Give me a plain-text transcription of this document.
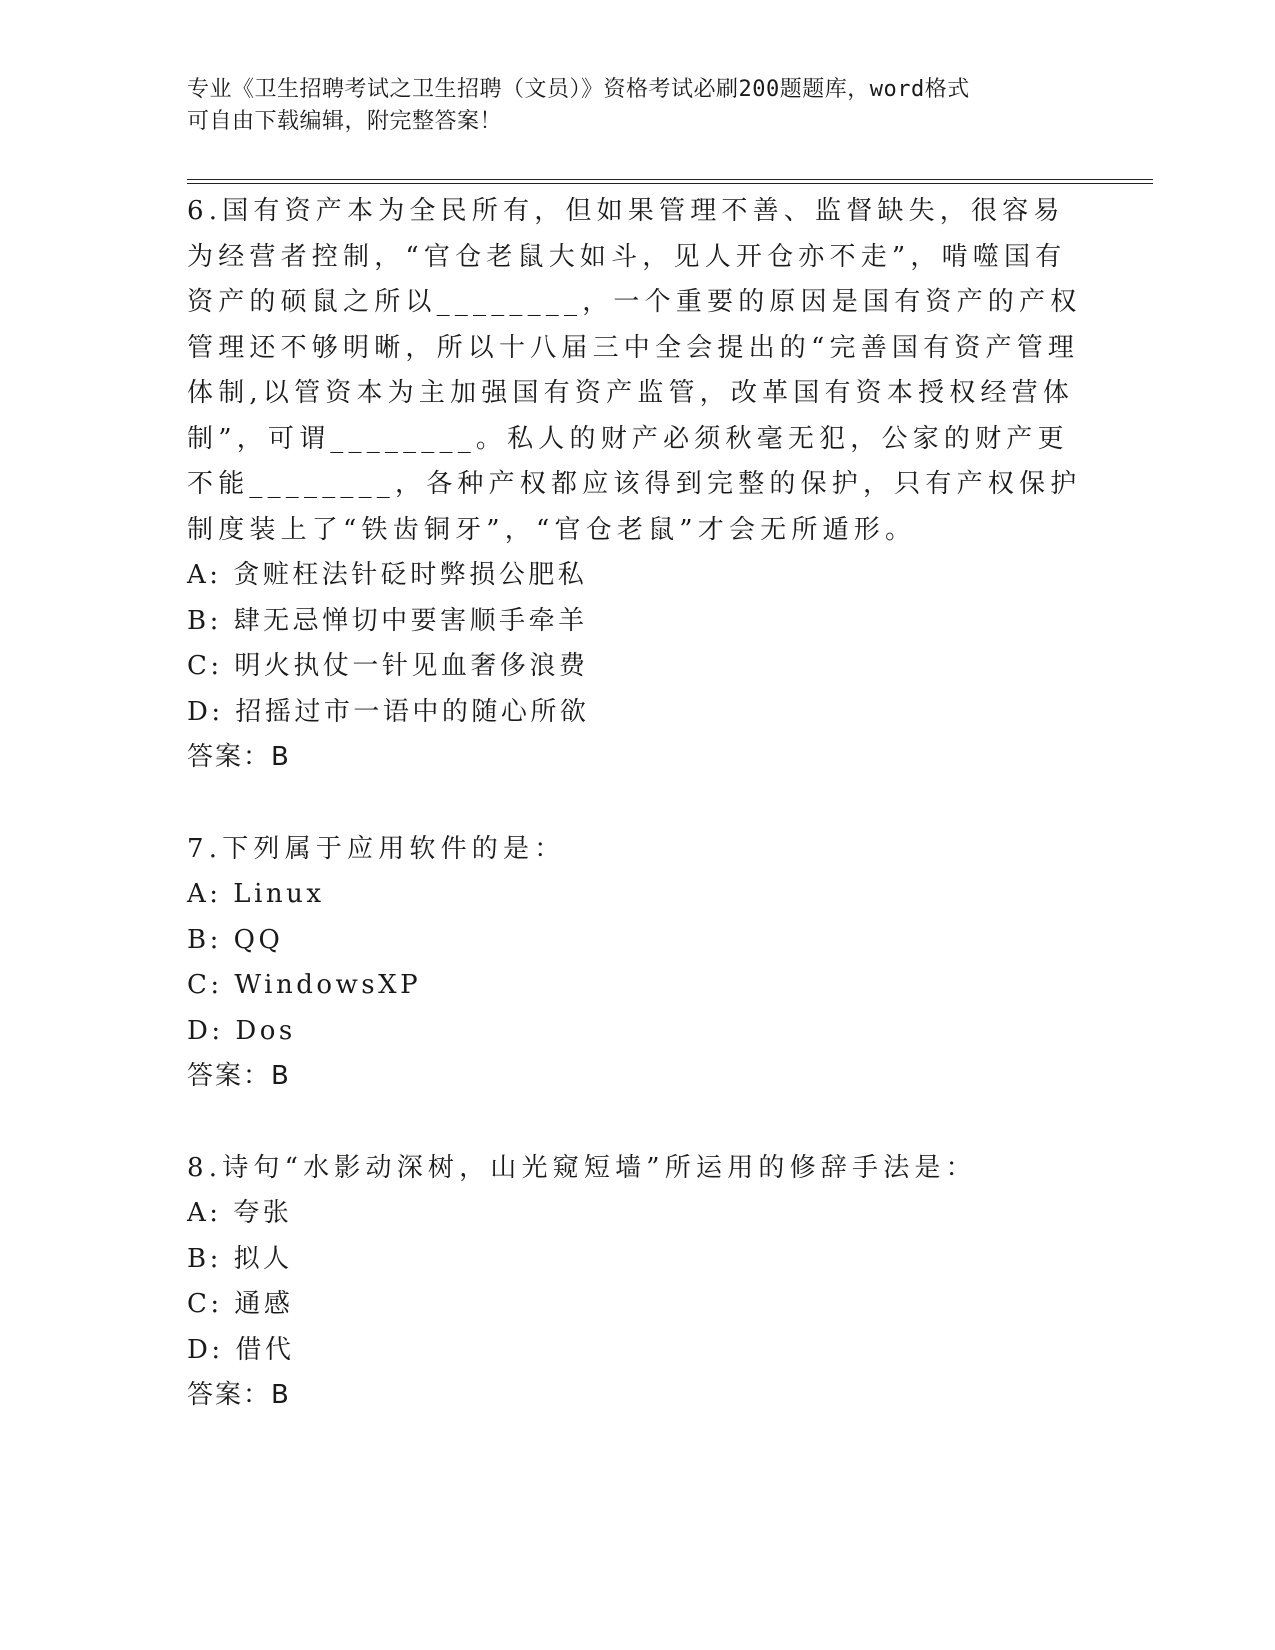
专业《卫生招聘考试之卫生招聘（文员）》资格考试必刷200题题库，word格式
可自由下载编辑，附完整答案！

6.国有资产本为全民所有，但如果管理不善、监督缺失，很容易为经营者控制，“官仓老鼠大如斗，见人开仓亦不走”，啃噬国有资产的硕鼠之所以________，一个重要的原因是国有资产的产权管理还不够明晰，所以十八届三中全会提出的“完善国有资产管理体制,以管资本为主加强国有资产监管，改革国有资本授权经营体制”，可谓________。私人的财产必须秋毫无犯，公家的财产更不能________，各种产权都应该得到完整的保护，只有产权保护制度装上了“铁齿铜牙”，“官仓老鼠”才会无所遁形。

A: 贪赃枉法针砭时弊损公肥私
B: 肆无忌惮切中要害顺手牵羊
C: 明火执仗一针见血奢侈浪费
D: 招摇过市一语中的随心所欲
答案：B

7.下列属于应用软件的是：

A: Linux
B: QQ
C: WindowsXP
D: Dos
答案：B

8.诗句“水影动深树，山光窥短墙”所运用的修辞手法是：

A: 夸张
B: 拟人
C: 通感
D: 借代
答案：B
